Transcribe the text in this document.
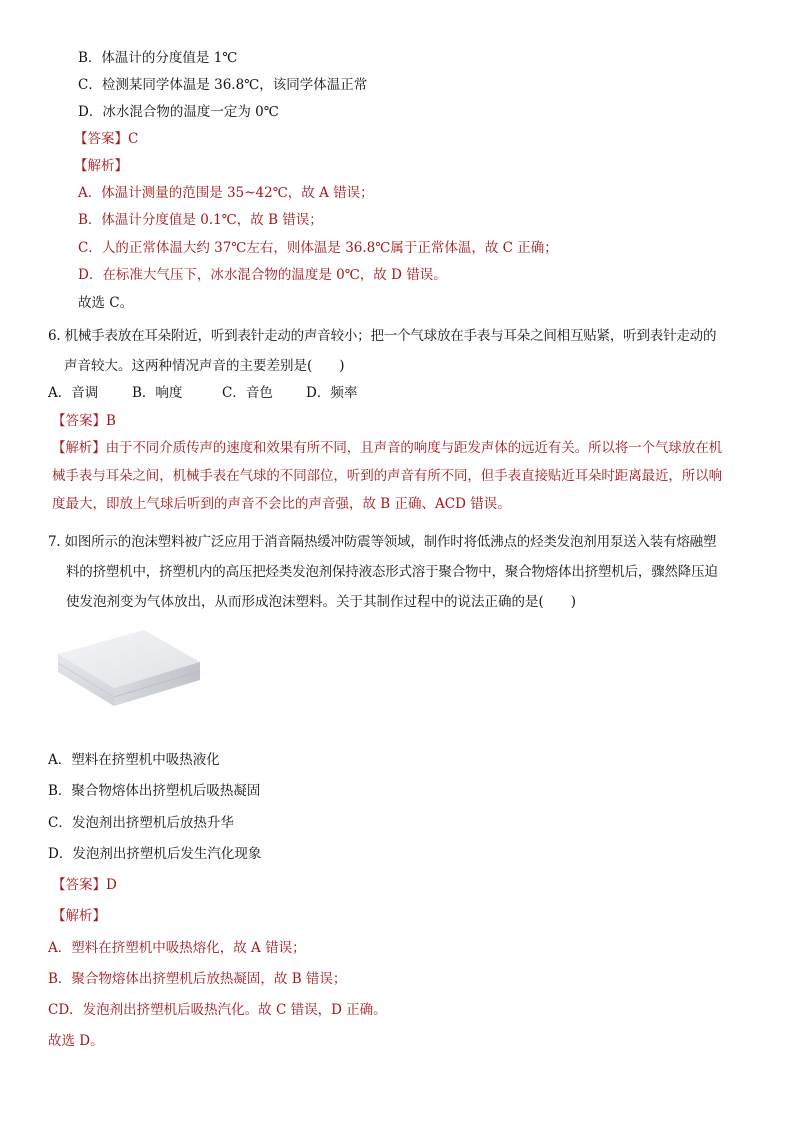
B．体温计的分度值是 1℃
C．检测某同学体温是 36.8℃，该同学体温正常
D．冰水混合物的温度一定为 0℃
【答案】C
【解析】
A．体温计测量的范围是 35~42℃，故 A 错误；
B．体温计分度值是 0.1℃，故 B 错误；
C．人的正常体温大约 37℃左右，则体温是 36.8℃属于正常体温，故 C 正确；
D．在标准大气压下，冰水混合物的温度是 0℃，故 D 错误。
故选 C。
6. 机械手表放在耳朵附近，听到表针走动的声音较小；把一个气球放在手表与耳朵之间相互贴紧，听到表针走动的
声音较大。这两种情况声音的主要差别是(　　)
A．音调	B．响度	C．音色 D．频率
【答案】B
【解析】由于不同介质传声的速度和效果有所不同，且声音的响度与距发声体的远近有关。所以将一个气球放在机
械手表与耳朵之间，机械手表在气球的不同部位，听到的声音有所不同，但手表直接贴近耳朵时距离最近，所以响
度最大，即放上气球后听到的声音不会比的声音强，故 B 正确、ACD 错误。
7. 如图所示的泡沫塑料被广泛应用于消音隔热缓冲防震等领域，制作时将低沸点的烃类发泡剂用泵送入装有熔融塑
料的挤塑机中，挤塑机内的高压把烃类发泡剂保持液态形式溶于聚合物中，聚合物熔体出挤塑机后，骤然降压迫
使发泡剂变为气体放出，从而形成泡沫塑料。关于其制作过程中的说法正确的是(　　)
A．塑料在挤塑机中吸热液化
B．聚合物熔体出挤塑机后吸热凝固
C．发泡剂出挤塑机后放热升华
D．发泡剂出挤塑机后发生汽化现象
【答案】D
【解析】
A．塑料在挤塑机中吸热熔化，故 A 错误；
B．聚合物熔体出挤塑机后放热凝固，故 B 错误；
CD．发泡剂出挤塑机后吸热汽化。故 C 错误，D 正确。
故选 D。
